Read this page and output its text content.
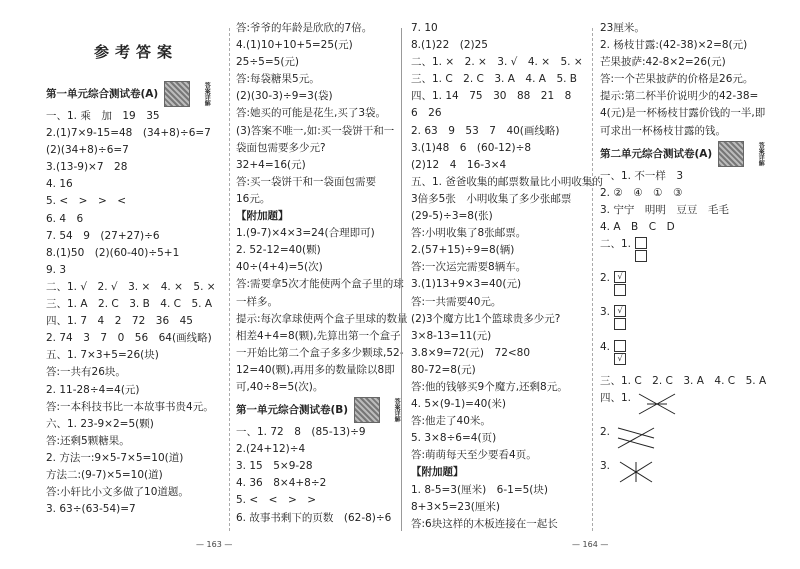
参考答案
第一单元综合测试卷(A)	答案详解
一、1. 乘　加　19　35
2.(1)7×9-15=48　(34+8)÷6=7
(2)(34+8)÷6=7
3.(13-9)×7　28
4. 16
5. <　>　>　<
6. 4　6
7. 54　9　(27+27)÷6
8.(1)50　(2)(60-40)÷5+1
9. 3
二、1. √　2. √　3. ×　4. ×　5. ×
三、1. A　2. C　3. B　4. C　5. A
四、1. 7　4　2　72　36　45
2. 74　3　7　0　56　64(画线略)
五、1. 7×3+5=26(块)
答:一共有26块。
2. 11-28÷4=4(元)
答:一本科技书比一本故事书贵4元。
六、1. 23-9×2=5(颗)
答:还剩5颗糖果。
2. 方法一:9×5-7×5=10(道)
方法二:(9-7)×5=10(道)
答:小轩比小文多做了10道题。
3. 63÷(63-54)=7
答:爷爷的年龄是欣欣的7倍。
4.(1)10+10+5=25(元)
25÷5=5(元)
答:每袋糖果5元。
(2)(30-3)÷9=3(袋)
答:她买的可能是花生,买了3袋。
(3)答案不唯一,如:买一袋饼干和一
袋面包需要多少元?
32+4=16(元)
答:买一袋饼干和一袋面包需要
16元。
【附加题】
1.(9-7)×4×3=24(合理即可)
2. 52-12=40(颗)
40÷(4+4)=5(次)
答:需要拿5次才能使两个盒子里的球
一样多。
提示:每次拿球使两个盒子里球的数量
相差4+4=8(颗),先算出第一个盒子
一开始比第二个盒子多多少颗球,52-
12=40(颗),再用多的数量除以8即
可,40÷8=5(次)。
第一单元综合测试卷(B)	答案详解
一、1. 72　8　(85-13)÷9
2.(24+12)÷4
3. 15　5×9-28
4. 36　8×4+8÷2
5. <　<　>　>
6. 故事书剩下的页数　(62-8)÷6
— 163 —
7. 10
8.(1)22　(2)25
二、1. ×　2. ×　3. √　4. ×　5. ×
三、1. C　2. C　3. A　4. A　5. B
四、1. 14　75　30　88　21　8
6　26
2. 63　9　53　7　40(画线略)
3.(1)48　6　(60-12)÷8
(2)12　4　16-3×4
五、1. 爸爸收集的邮票数量比小明收集的
3倍多5张　小明收集了多少张邮票
(29-5)÷3=8(张)
答:小明收集了8张邮票。
2.(57+15)÷9=8(辆)
答:一次运完需要8辆车。
3.(1)13+9×3=40(元)
答:一共需要40元。
(2)3个魔方比1个篮球贵多少元?
3×8-13=11(元)
3.8×9=72(元)　72<80
80-72=8(元)
答:他的钱够买9个魔方,还剩8元。
4. 5×(9-1)=40(米)
答:他走了40米。
5. 3×8÷6=4(页)
答:萌萌每天至少要看4页。
【附加题】
1. 8-5=3(厘米)　6-1=5(块)
8+3×5=23(厘米)
答:6块这样的木板连接在一起长
23厘米。
2. 杨枝甘露:(42-38)×2=8(元)
芒果披萨:42-8×2=26(元)
答:一个芒果披萨的价格是26元。
提示:第二杯半价说明少的42-38=
4(元)是一杯杨枝甘露价钱的一半,即
可求出一杯杨枝甘露的钱。
第二单元综合测试卷(A)	答案详解
一、1. 不一样　3
2. ②　④　①　③
3. 宁宁　明明　豆豆　毛毛
4. A　B　C　D
二、1.
2. √
3. √
4.
√
三、1. C　2. C　3. A　4. C　5. A
四、1.
2.
3.
— 164 —
